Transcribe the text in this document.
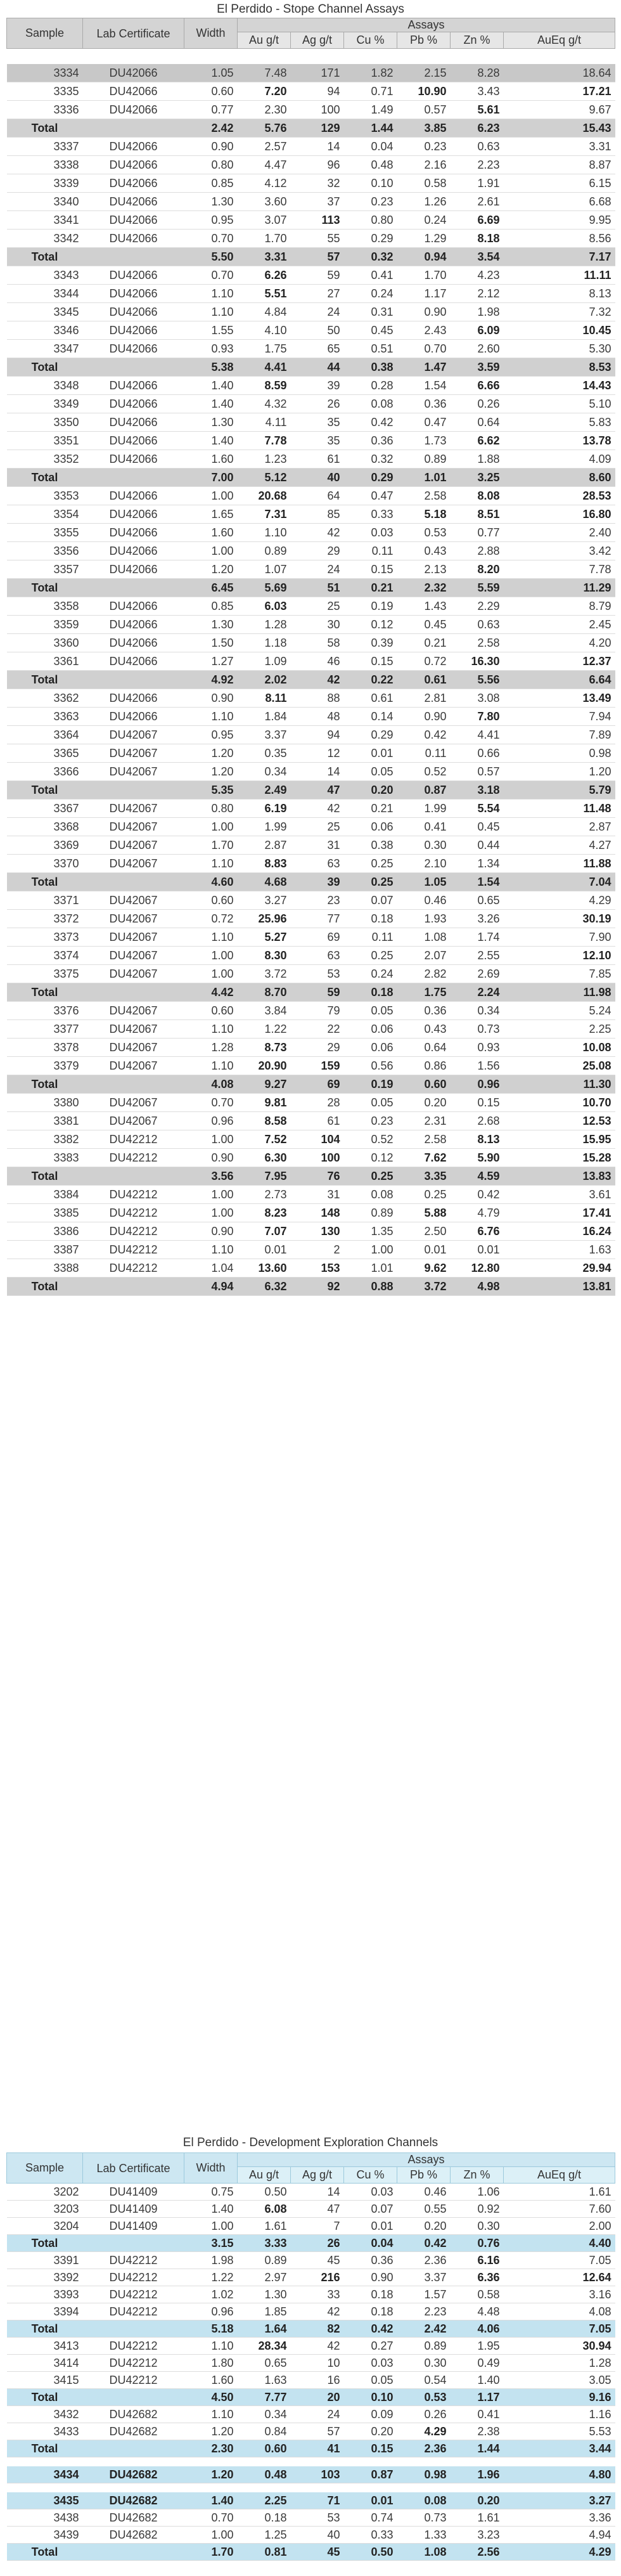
El Perdido - Stope Channel Assays
Sample	Lab Certificate	Width	Assays					
			Au g/t	Ag g/t	Cu %	Pb %	Zn %	AuEq g/t

3334	DU42066	1.05	7.48	171	1.82	2.15	8.28	18.64
3335	DU42066	0.60	7.20	94	0.71	10.90	3.43	17.21
3336	DU42066	0.77	2.30	100	1.49	0.57	5.61	9.67
Total		2.42	5.76	129	1.44	3.85	6.23	15.43
3337	DU42066	0.90	2.57	14	0.04	0.23	0.63	3.31
3338	DU42066	0.80	4.47	96	0.48	2.16	2.23	8.87
3339	DU42066	0.85	4.12	32	0.10	0.58	1.91	6.15
3340	DU42066	1.30	3.60	37	0.23	1.26	2.61	6.68
3341	DU42066	0.95	3.07	113	0.80	0.24	6.69	9.95
3342	DU42066	0.70	1.70	55	0.29	1.29	8.18	8.56
Total		5.50	3.31	57	0.32	0.94	3.54	7.17
3343	DU42066	0.70	6.26	59	0.41	1.70	4.23	11.11
3344	DU42066	1.10	5.51	27	0.24	1.17	2.12	8.13
3345	DU42066	1.10	4.84	24	0.31	0.90	1.98	7.32
3346	DU42066	1.55	4.10	50	0.45	2.43	6.09	10.45
3347	DU42066	0.93	1.75	65	0.51	0.70	2.60	5.30
Total		5.38	4.41	44	0.38	1.47	3.59	8.53
3348	DU42066	1.40	8.59	39	0.28	1.54	6.66	14.43
3349	DU42066	1.40	4.32	26	0.08	0.36	0.26	5.10
3350	DU42066	1.30	4.11	35	0.42	0.47	0.64	5.83
3351	DU42066	1.40	7.78	35	0.36	1.73	6.62	13.78
3352	DU42066	1.60	1.23	61	0.32	0.89	1.88	4.09
Total		7.00	5.12	40	0.29	1.01	3.25	8.60
3353	DU42066	1.00	20.68	64	0.47	2.58	8.08	28.53
3354	DU42066	1.65	7.31	85	0.33	5.18	8.51	16.80
3355	DU42066	1.60	1.10	42	0.03	0.53	0.77	2.40
3356	DU42066	1.00	0.89	29	0.11	0.43	2.88	3.42
3357	DU42066	1.20	1.07	24	0.15	2.13	8.20	7.78
Total		6.45	5.69	51	0.21	2.32	5.59	11.29
3358	DU42066	0.85	6.03	25	0.19	1.43	2.29	8.79
3359	DU42066	1.30	1.28	30	0.12	0.45	0.63	2.45
3360	DU42066	1.50	1.18	58	0.39	0.21	2.58	4.20
3361	DU42066	1.27	1.09	46	0.15	0.72	16.30	12.37
Total		4.92	2.02	42	0.22	0.61	5.56	6.64
3362	DU42066	0.90	8.11	88	0.61	2.81	3.08	13.49
3363	DU42066	1.10	1.84	48	0.14	0.90	7.80	7.94
3364	DU42067	0.95	3.37	94	0.29	0.42	4.41	7.89
3365	DU42067	1.20	0.35	12	0.01	0.11	0.66	0.98
3366	DU42067	1.20	0.34	14	0.05	0.52	0.57	1.20
Total		5.35	2.49	47	0.20	0.87	3.18	5.79
3367	DU42067	0.80	6.19	42	0.21	1.99	5.54	11.48
3368	DU42067	1.00	1.99	25	0.06	0.41	0.45	2.87
3369	DU42067	1.70	2.87	31	0.38	0.30	0.44	4.27
3370	DU42067	1.10	8.83	63	0.25	2.10	1.34	11.88
Total		4.60	4.68	39	0.25	1.05	1.54	7.04
3371	DU42067	0.60	3.27	23	0.07	0.46	0.65	4.29
3372	DU42067	0.72	25.96	77	0.18	1.93	3.26	30.19
3373	DU42067	1.10	5.27	69	0.11	1.08	1.74	7.90
3374	DU42067	1.00	8.30	63	0.25	2.07	2.55	12.10
3375	DU42067	1.00	3.72	53	0.24	2.82	2.69	7.85
Total		4.42	8.70	59	0.18	1.75	2.24	11.98
3376	DU42067	0.60	3.84	79	0.05	0.36	0.34	5.24
3377	DU42067	1.10	1.22	22	0.06	0.43	0.73	2.25
3378	DU42067	1.28	8.73	29	0.06	0.64	0.93	10.08
3379	DU42067	1.10	20.90	159	0.56	0.86	1.56	25.08
Total		4.08	9.27	69	0.19	0.60	0.96	11.30
3380	DU42067	0.70	9.81	28	0.05	0.20	0.15	10.70
3381	DU42067	0.96	8.58	61	0.23	2.31	2.68	12.53
3382	DU42212	1.00	7.52	104	0.52	2.58	8.13	15.95
3383	DU42212	0.90	6.30	100	0.12	7.62	5.90	15.28
Total		3.56	7.95	76	0.25	3.35	4.59	13.83
3384	DU42212	1.00	2.73	31	0.08	0.25	0.42	3.61
3385	DU42212	1.00	8.23	148	0.89	5.88	4.79	17.41
3386	DU42212	0.90	7.07	130	1.35	2.50	6.76	16.24
3387	DU42212	1.10	0.01	2	1.00	0.01	0.01	1.63
3388	DU42212	1.04	13.60	153	1.01	9.62	12.80	29.94
Total		4.94	6.32	92	0.88	3.72	4.98	13.81
El Perdido - Development Exploration Channels
Sample	Lab Certificate	Width	Assays					
			Au g/t	Ag g/t	Cu %	Pb %	Zn %	AuEq g/t
3202	DU41409	0.75	0.50	14	0.03	0.46	1.06	1.61
3203	DU41409	1.40	6.08	47	0.07	0.55	0.92	7.60
3204	DU41409	1.00	1.61	7	0.01	0.20	0.30	2.00
Total		3.15	3.33	26	0.04	0.42	0.76	4.40
3391	DU42212	1.98	0.89	45	0.36	2.36	6.16	7.05
3392	DU42212	1.22	2.97	216	0.90	3.37	6.36	12.64
3393	DU42212	1.02	1.30	33	0.18	1.57	0.58	3.16
3394	DU42212	0.96	1.85	42	0.18	2.23	4.48	4.08
Total		5.18	1.64	82	0.42	2.42	4.06	7.05
3413	DU42212	1.10	28.34	42	0.27	0.89	1.95	30.94
3414	DU42212	1.80	0.65	10	0.03	0.30	0.49	1.28
3415	DU42212	1.60	1.63	16	0.05	0.54	1.40	3.05
Total		4.50	7.77	20	0.10	0.53	1.17	9.16
3432	DU42682	1.10	0.34	24	0.09	0.26	0.41	1.16
3433	DU42682	1.20	0.84	57	0.20	4.29	2.38	5.53
Total		2.30	0.60	41	0.15	2.36	1.44	3.44

3434	DU42682	1.20	0.48	103	0.87	0.98	1.96	4.80

3435	DU42682	1.40	2.25	71	0.01	0.08	0.20	3.27
3438	DU42682	0.70	0.18	53	0.74	0.73	1.61	3.36
3439	DU42682	1.00	1.25	40	0.33	1.33	3.23	4.94
Total		1.70	0.81	45	0.50	1.08	2.56	4.29
